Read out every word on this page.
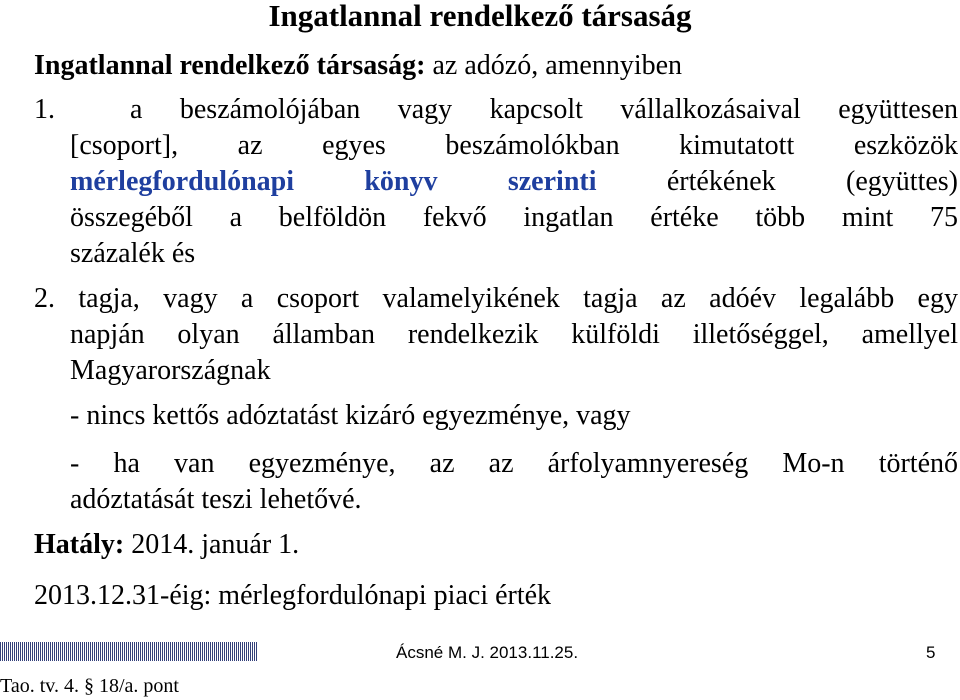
Ingatlannal rendelkező társaság
Ingatlannal rendelkező társaság: az adózó, amennyiben
1.  a beszámolójában vagy kapcsolt vállalkozásaival együttesen
[csoport], az egyes beszámolókban kimutatott eszközök
mérlegfordulónapi könyv szerinti értékének (együttes)
összegéből a belföldön fekvő ingatlan értéke több mint 75
százalék és
2. tagja, vagy a csoport valamelyikének tagja az adóév legalább egy
napján olyan államban rendelkezik külföldi illetőséggel, amellyel
Magyarországnak
- nincs kettős adóztatást kizáró egyezménye, vagy
- ha van egyezménye, az az árfolyamnyereség Mo-n történő
adóztatását teszi lehetővé.
Hatály: 2014. január 1.
2013.12.31-éig: mérlegfordulónapi piaci érték
Ácsné M. J. 2013.11.25.	5
Tao. tv. 4. § 18/a. pont
